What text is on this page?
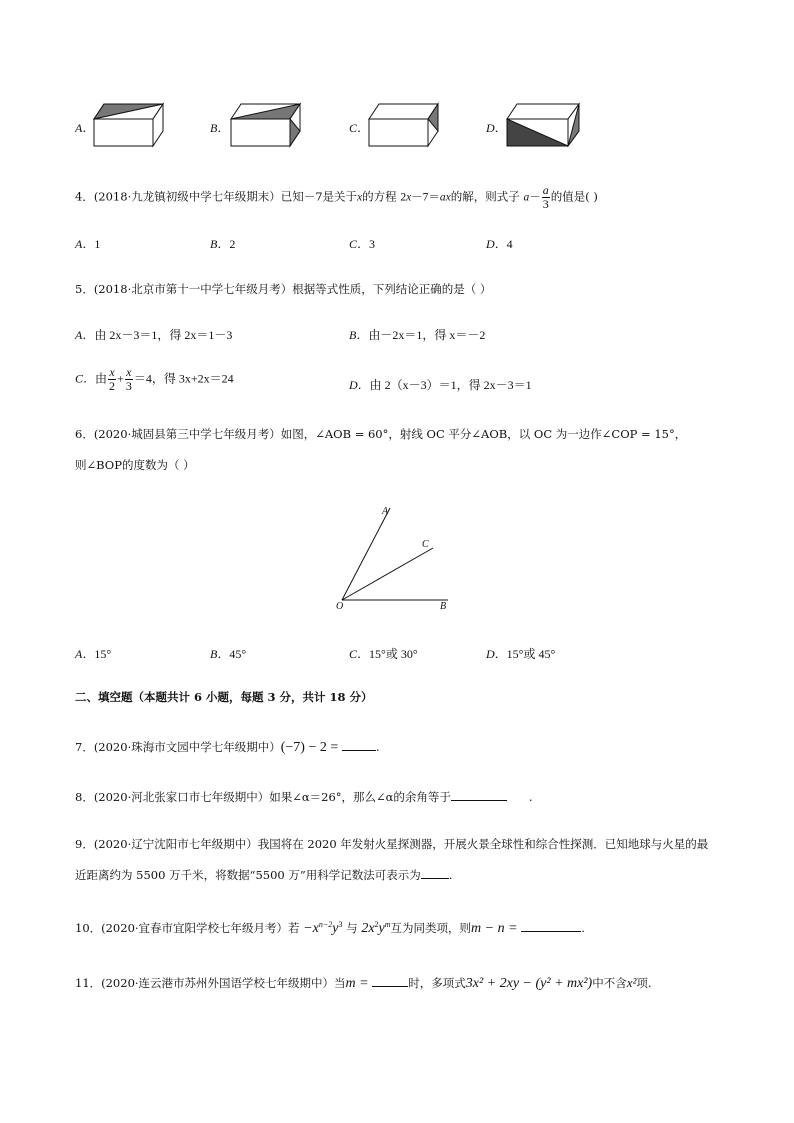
A．	B．	C．	D．
4．(2018·九龙镇初级中学七年级期末）已知－7是关于x的方程 2x－7＝ax的解，则式子 $a- \frac{a}{3}$ 的值是( )
A．1	B．2	C．3	D．4
5．(2018·北京市第十一中学七年级月考）根据等式性质，下列结论正确的是（ ）
A．由 2x－3＝1，得 2x＝1－3	B．由－2x＝1，得 x＝－2
C．由 $\frac{x}{2} + \frac{x}{3} =4$，得 3x+2x＝24	D．由 2（x－3）＝1，得 2x－3＝1
6．(2020·城固县第三中学七年级月考）如图，∠AOB = 60°，射线 OC 平分∠AOB，以 OC 为一边作∠COP = 15°，
则∠BOP的度数为（ ）
A
C
O	B
A．15°	B．45°	C．15°或 30°	D．15°或 45°
二、填空题（本题共计 6 小题，每题 3 分，共计 18 分）
7．(2020·珠海市文园中学七年级期中）(−7) − 2 =	.
8．(2020·河北张家口市七年级期中）如果∠α＝26°，那么∠α的余角等于	.
9．(2020·辽宁沈阳市七年级期中）我国将在 2020 年发射火星探测器，开展火景全球性和综合性探测．已知地球与火星的最
近距离约为 5500 万千米，将数据“5500 万”用科学记数法可表示为 .
10．(2020·宜春市宜阳学校七年级月考）若 $-x^{n-2}y^3$ 与 $2x^2y^m$互为同类项，则m − n =	.
11．(2020·连云港市苏州外国语学校七年级期中）当m =	时，多项式3x² + 2xy − (y² + mx²)中不含x²项.
